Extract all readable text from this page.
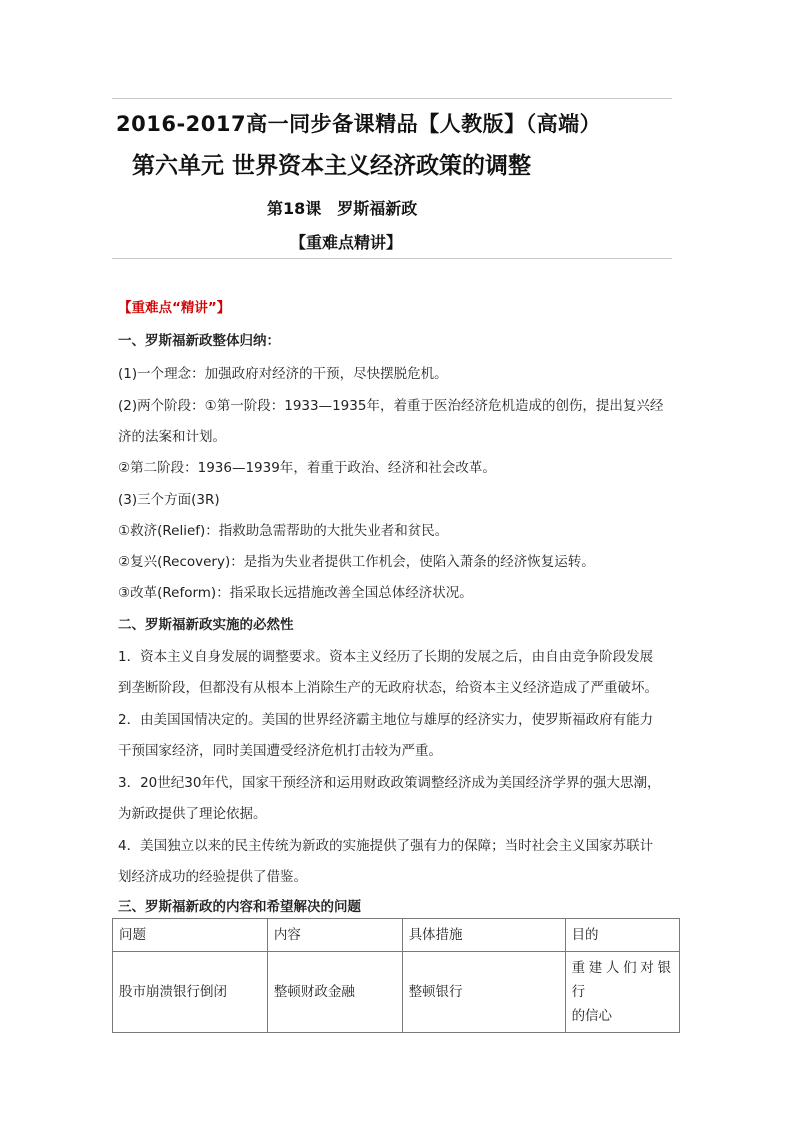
2016-2017高一同步备课精品【人教版】（高端）
第六单元 世界资本主义经济政策的调整
第18课 罗斯福新政
【重难点精讲】
【重难点“精讲”】
一、罗斯福新政整体归纳：
(1)一个理念：加强政府对经济的干预，尽快摆脱危机。
(2)两个阶段：①第一阶段：1933—1935年，着重于医治经济危机造成的创伤，提出复兴经
济的法案和计划。
②第二阶段：1936—1939年，着重于政治、经济和社会改革。
(3)三个方面(3R)
①救济(Relief)：指救助急需帮助的大批失业者和贫民。
②复兴(Recovery)：是指为失业者提供工作机会，使陷入萧条的经济恢复运转。
③改革(Reform)：指采取长远措施改善全国总体经济状况。
二、罗斯福新政实施的必然性
1．资本主义自身发展的调整要求。资本主义经历了长期的发展之后，由自由竞争阶段发展
到垄断阶段，但都没有从根本上消除生产的无政府状态，给资本主义经济造成了严重破坏。
2．由美国国情决定的。美国的世界经济霸主地位与雄厚的经济实力，使罗斯福政府有能力
干预国家经济，同时美国遭受经济危机打击较为严重。
3．20世纪30年代，国家干预经济和运用财政政策调整经济成为美国经济学界的强大思潮，
为新政提供了理论依据。
4．美国独立以来的民主传统为新政的实施提供了强有力的保障；当时社会主义国家苏联计
划经济成功的经验提供了借鉴。
三、罗斯福新政的内容和希望解决的问题
问题	内容	具体措施	目的
股市崩溃银行倒闭	整顿财政金融	整顿银行	重建人们对银行
的信心
